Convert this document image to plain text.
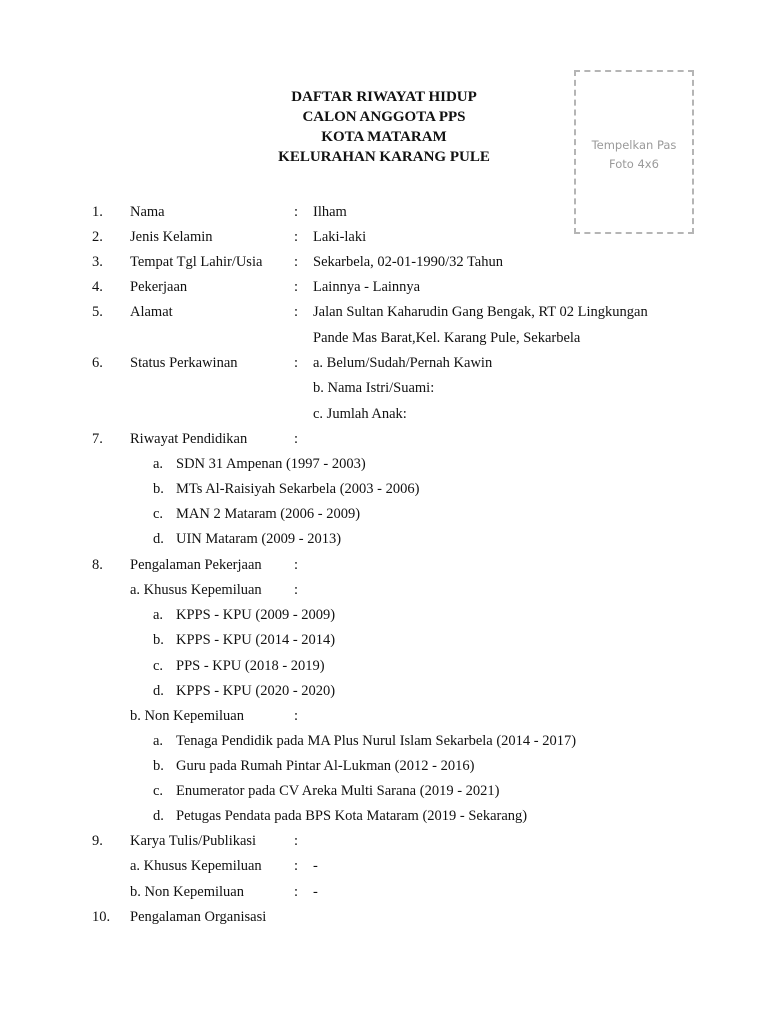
DAFTAR RIWAYAT HIDUP
CALON ANGGOTA PPS
KOTA MATARAM
KELURAHAN KARANG PULE
Tempelkan Pas
Foto 4x6
1. Nama	: Ilham
2. Jenis Kelamin	: Laki-laki
3. Tempat Tgl Lahir/Usia : Sekarbela, 02-01-1990/32 Tahun
4. Pekerjaan	: Lainnya - Lainnya
5. Alamat	: Jalan Sultan Kaharudin Gang Bengak, RT 02 Lingkungan
Pande Mas Barat,Kel. Karang Pule, Sekarbela
6. Status Perkawinan	: a. Belum/Sudah/Pernah Kawin
b. Nama Istri/Suami:
c. Jumlah Anak:
7. Riwayat Pendidikan	:
a. SDN 31 Ampenan (1997 - 2003)
b. MTs Al-Raisiyah Sekarbela (2003 - 2006)
c. MAN 2 Mataram (2006 - 2009)
d. UIN Mataram (2009 - 2013)
8. Pengalaman Pekerjaan :
a. Khusus Kepemiluan :
a. KPPS - KPU (2009 - 2009)
b. KPPS - KPU (2014 - 2014)
c. PPS - KPU (2018 - 2019)
d. KPPS - KPU (2020 - 2020)
b. Non Kepemiluan	:
a. Tenaga Pendidik pada MA Plus Nurul Islam Sekarbela (2014 - 2017)
b. Guru pada Rumah Pintar Al-Lukman (2012 - 2016)
c. Enumerator pada CV Areka Multi Sarana (2019 - 2021)
d. Petugas Pendata pada BPS Kota Mataram (2019 - Sekarang)
9. Karya Tulis/Publikasi	:
a. Khusus Kepemiluan : -
b. Non Kepemiluan	: -
10. Pengalaman Organisasi
